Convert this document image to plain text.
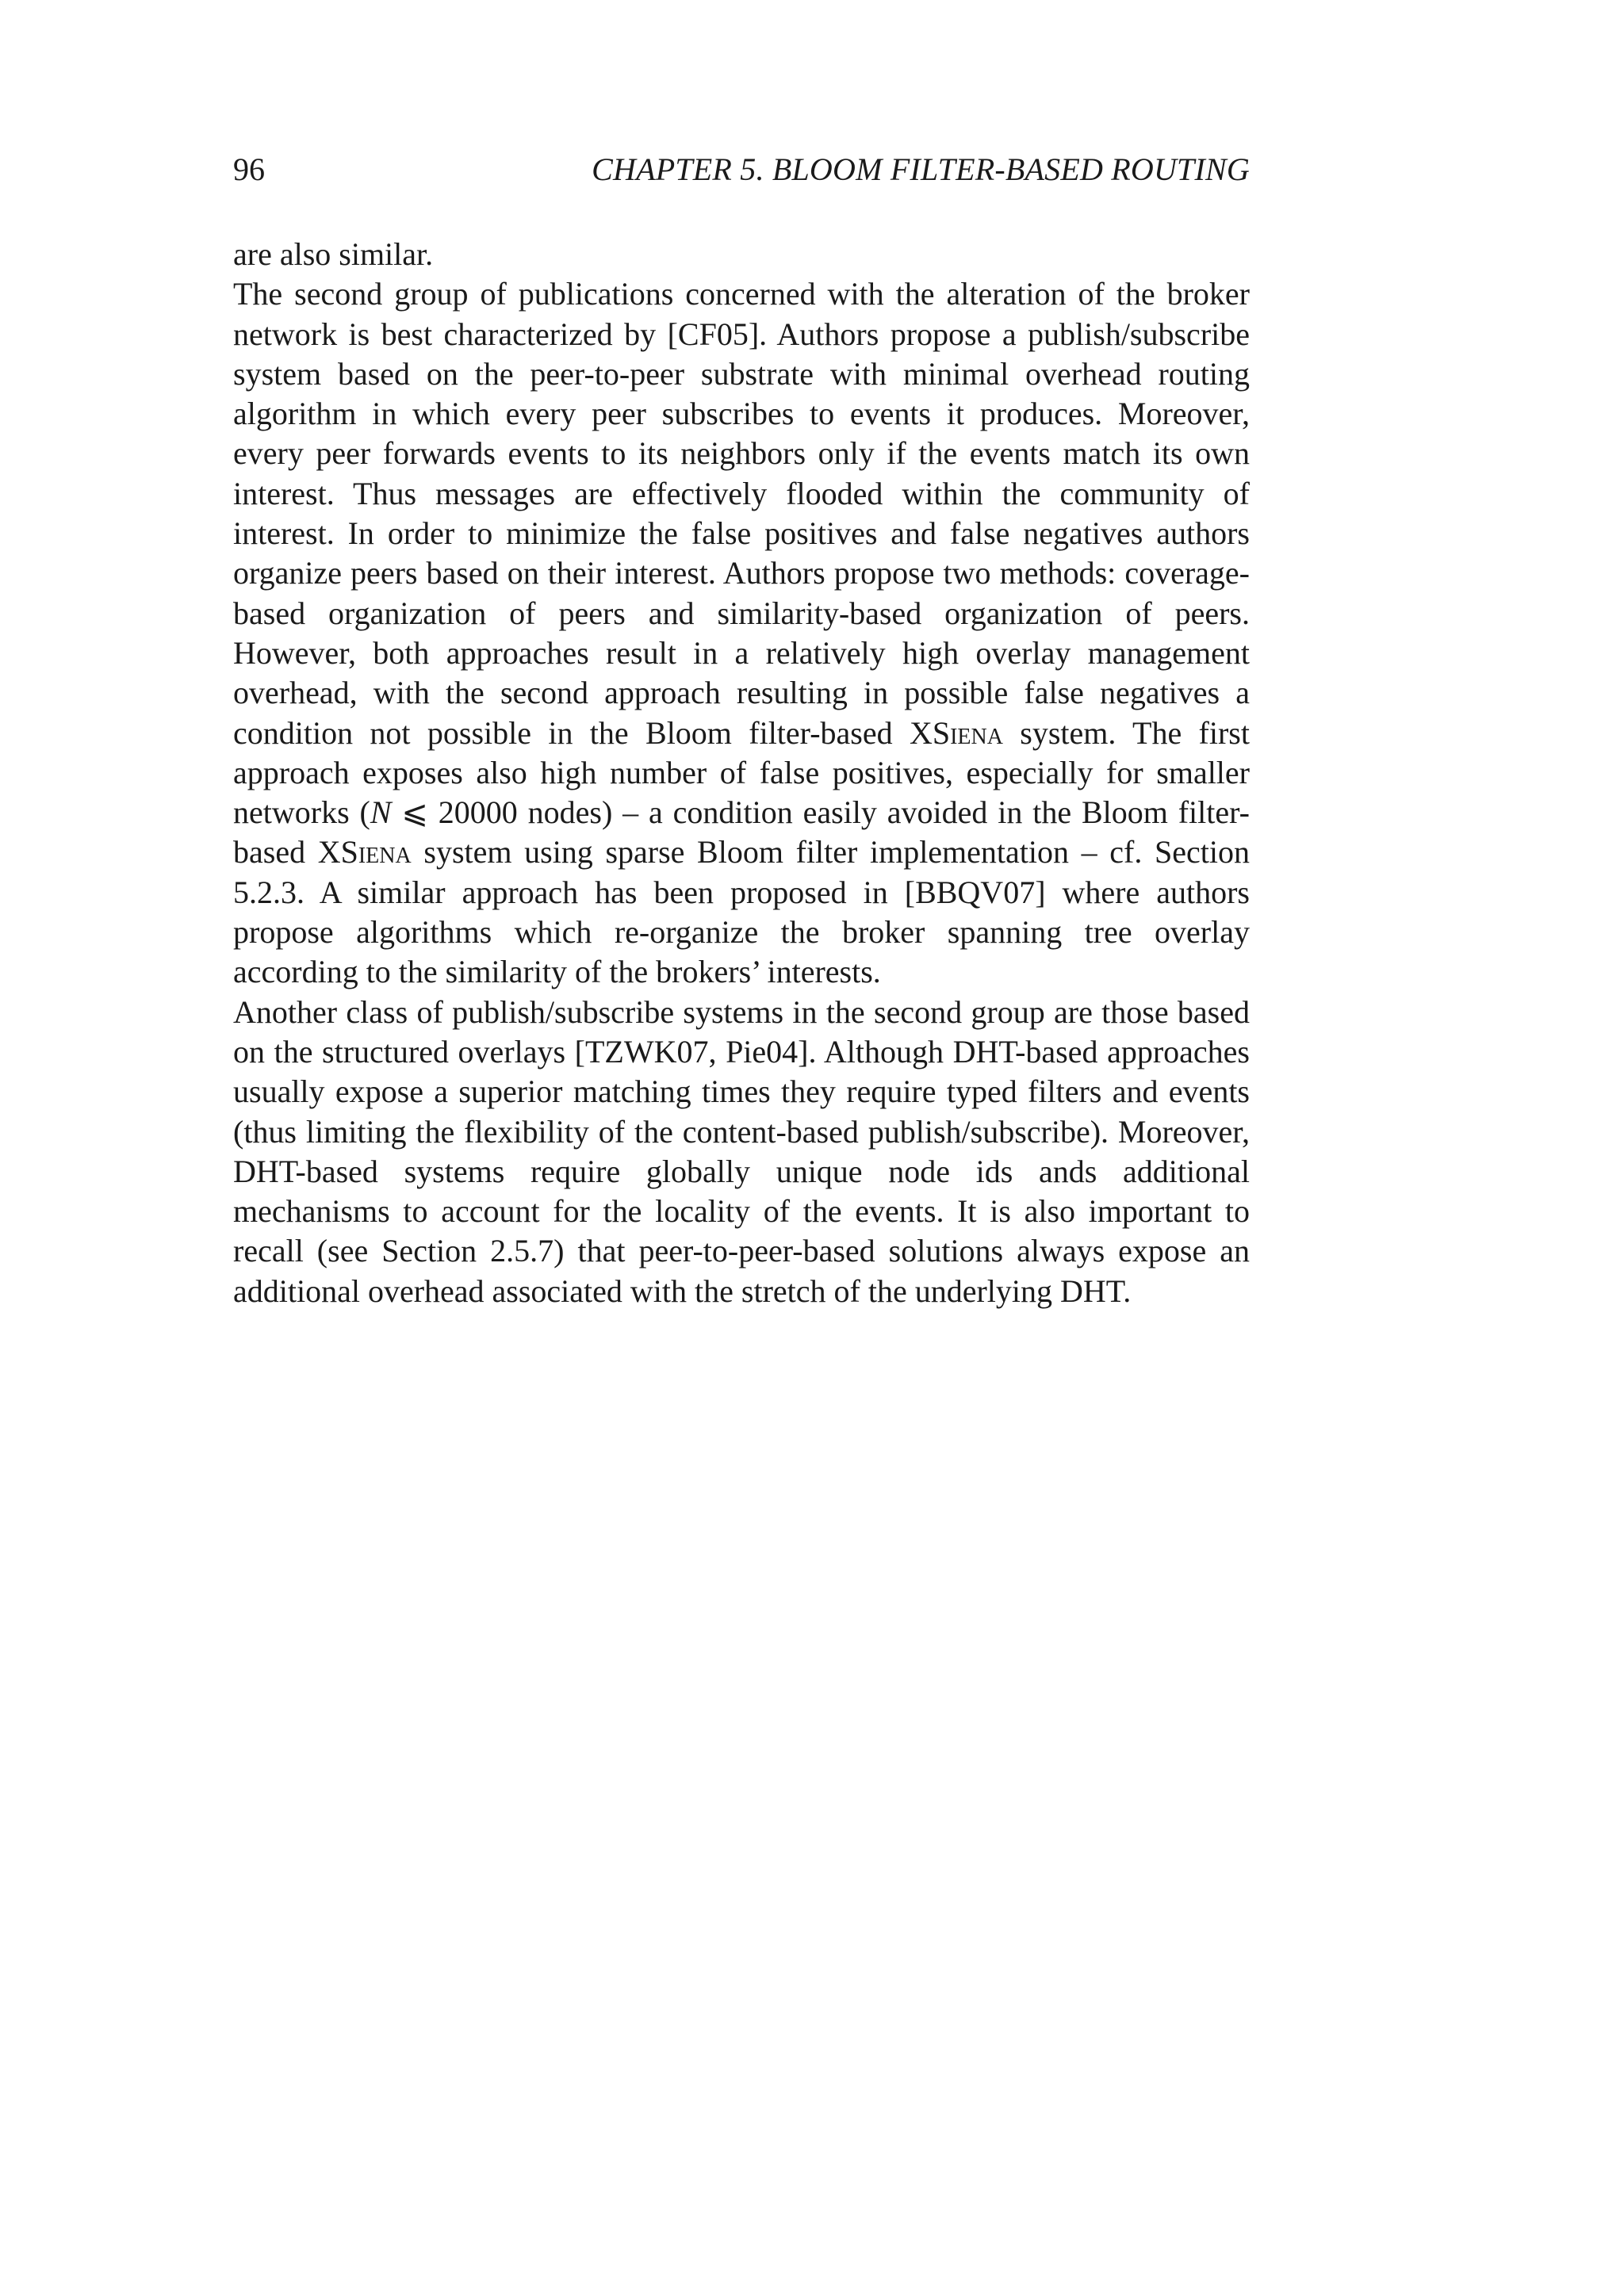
96	CHAPTER 5. BLOOM FILTER-BASED ROUTING

are also similar.

The second group of publications concerned with the alteration of the broker network is best characterized by [CF05]. Authors propose a publish/subscribe system based on the peer-to-peer substrate with minimal overhead routing algorithm in which every peer subscribes to events it produces. Moreover, every peer forwards events to its neighbors only if the events match its own interest. Thus messages are effectively flooded within the community of interest. In order to minimize the false positives and false negatives authors organize peers based on their interest. Authors propose two methods: coverage-based organization of peers and similarity-based organization of peers. However, both approaches result in a relatively high overlay management overhead, with the second approach resulting in possible false negatives a condition not possible in the Bloom filter-based XSiena system. The first approach exposes also high number of false positives, especially for smaller networks (N ⩽ 20000 nodes) – a condition easily avoided in the Bloom filter-based XSiena system using sparse Bloom filter implementation – cf. Section 5.2.3. A similar approach has been proposed in [BBQV07] where authors propose algorithms which re-organize the broker spanning tree overlay according to the similarity of the brokers’ interests.

Another class of publish/subscribe systems in the second group are those based on the structured overlays [TZWK07, Pie04]. Although DHT-based approaches usually expose a superior matching times they require typed filters and events (thus limiting the flexibility of the content-based publish/subscribe). Moreover, DHT-based systems require globally unique node ids ands additional mechanisms to account for the locality of the events. It is also important to recall (see Section 2.5.7) that peer-to-peer-based solutions always expose an additional overhead associated with the stretch of the underlying DHT.
